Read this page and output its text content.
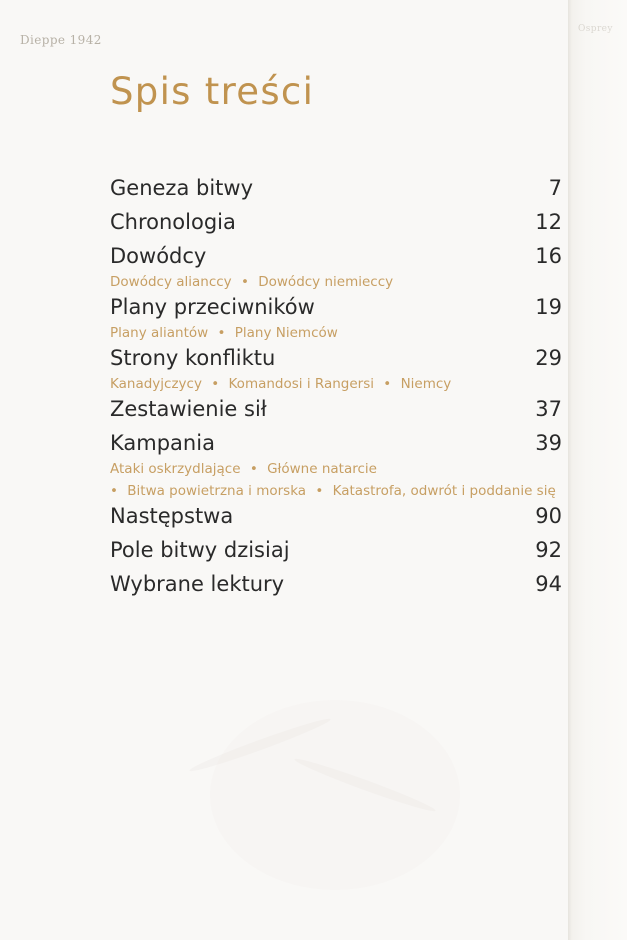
Dieppe 1942
Osprey
Spis treści
Geneza bitwy	7
Chronologia	12
Dowódcy	16
Dowódcy alianccy • Dowódcy niemieccy
Plany przeciwników	19
Plany aliantów • Plany Niemców
Strony konfliktu	29
Kanadyjczycy • Komandosi i Rangersi • Niemcy
Zestawienie sił	37
Kampania	39
Ataki oskrzydlające • Główne natarcie
• Bitwa powietrzna i morska • Katastrofa, odwrót i poddanie się
Następstwa	90
Pole bitwy dzisiaj	92
Wybrane lektury	94
